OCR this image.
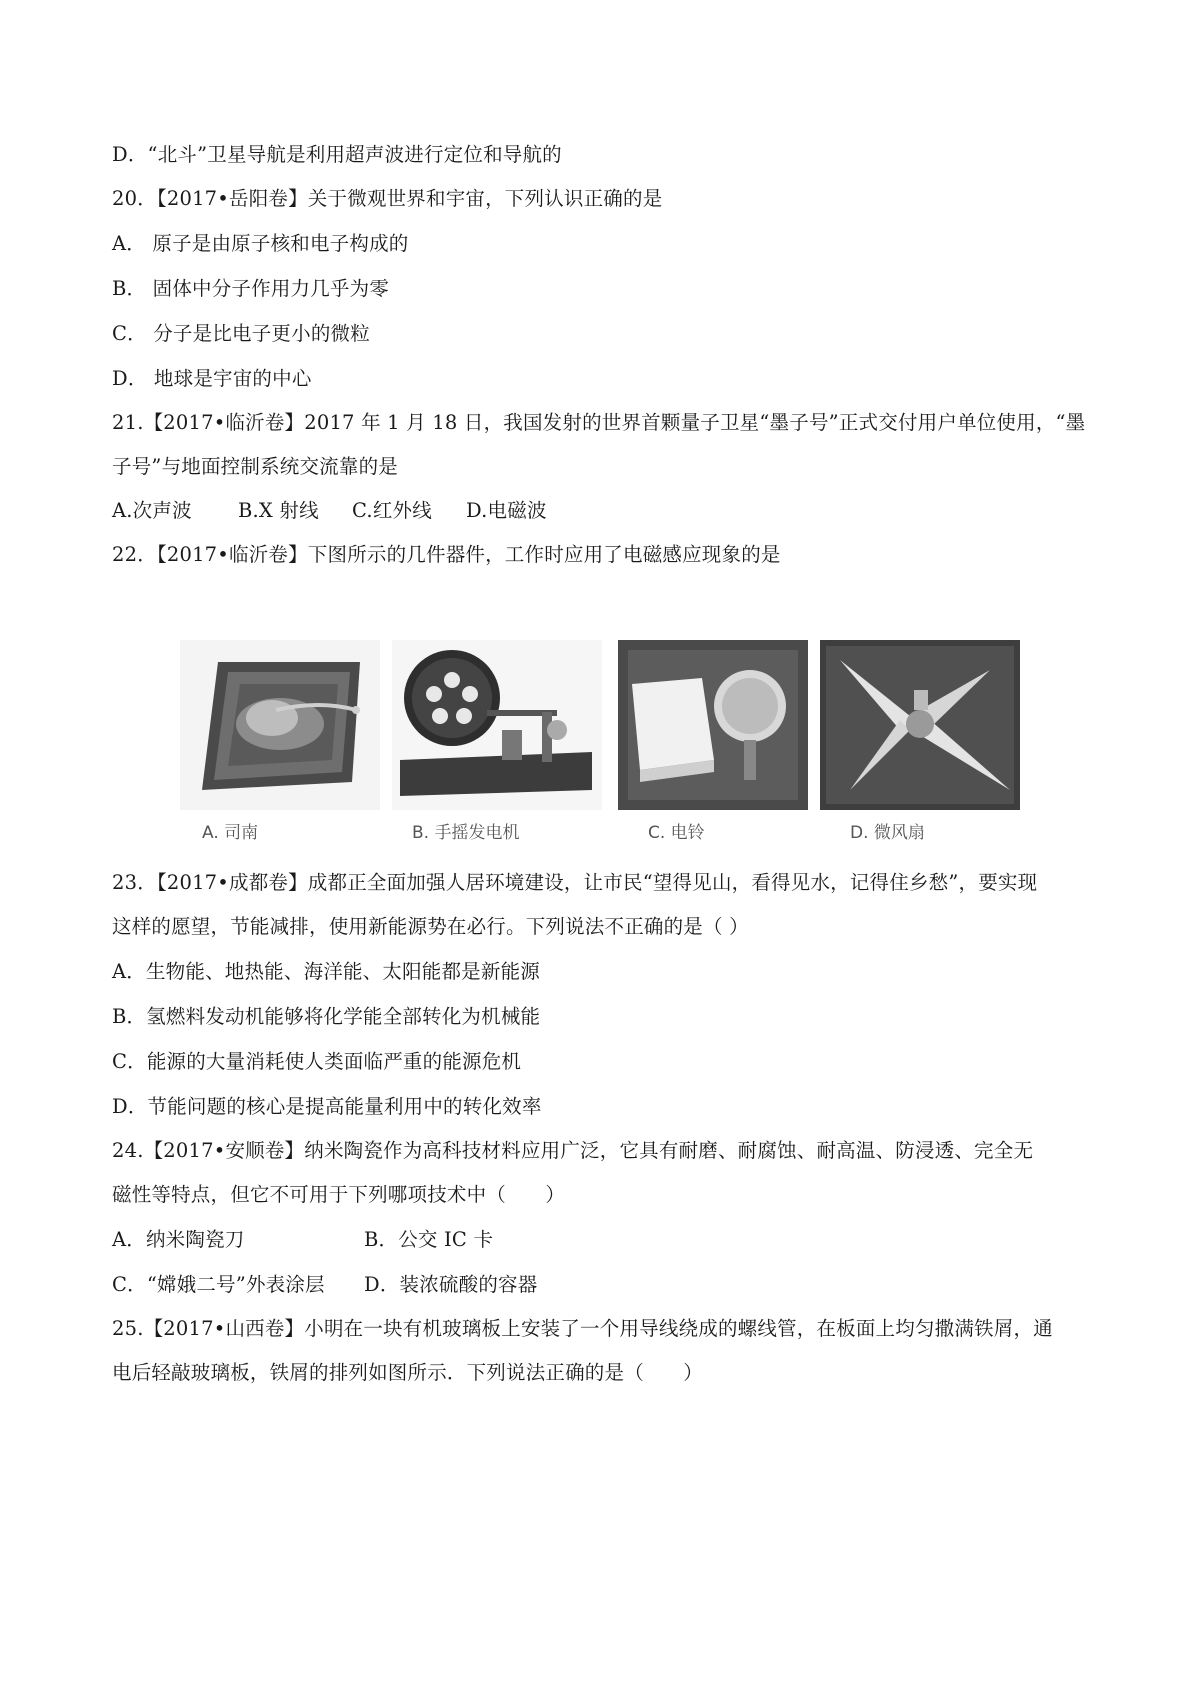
D．“北斗”卫星导航是利用超声波进行定位和导航的
20．【2017•岳阳卷】关于微观世界和宇宙，下列认识正确的是
A． 原子是由原子核和电子构成的
B． 固体中分子作用力几乎为零
C． 分子是比电子更小的微粒
D． 地球是宇宙的中心
21.【2017•临沂卷】2017 年 1 月 18 日，我国发射的世界首颗量子卫星“墨子号”正式交付用户单位使用，“墨
子号”与地面控制系统交流靠的是
A.次声波 B.X 射线 C.红外线 D.电磁波
22．【2017•临沂卷】下图所示的几件器件，工作时应用了电磁感应现象的是
A. 司南	B. 手摇发电机	C. 电铃	D. 微风扇
23．【2017•成都卷】成都正全面加强人居环境建设，让市民“望得见山，看得见水，记得住乡愁”，要实现
这样的愿望，节能减排，使用新能源势在必行。下列说法不正确的是（ ）
A．生物能、地热能、海洋能、太阳能都是新能源
B．氢燃料发动机能够将化学能全部转化为机械能
C．能源的大量消耗使人类面临严重的能源危机
D．节能问题的核心是提高能量利用中的转化效率
24.【2017•安顺卷】纳米陶瓷作为高科技材料应用广泛，它具有耐磨、耐腐蚀、耐高温、防浸透、完全无
磁性等特点，但它不可用于下列哪项技术中（　　）
A．纳米陶瓷刀	B．公交 IC 卡
C．“嫦娥二号”外表涂层 D．装浓硫酸的容器
25.【2017•山西卷】小明在一块有机玻璃板上安装了一个用导线绕成的螺线管，在板面上均匀撒满铁屑，通
电后轻敲玻璃板，铁屑的排列如图所示．下列说法正确的是（　　）
